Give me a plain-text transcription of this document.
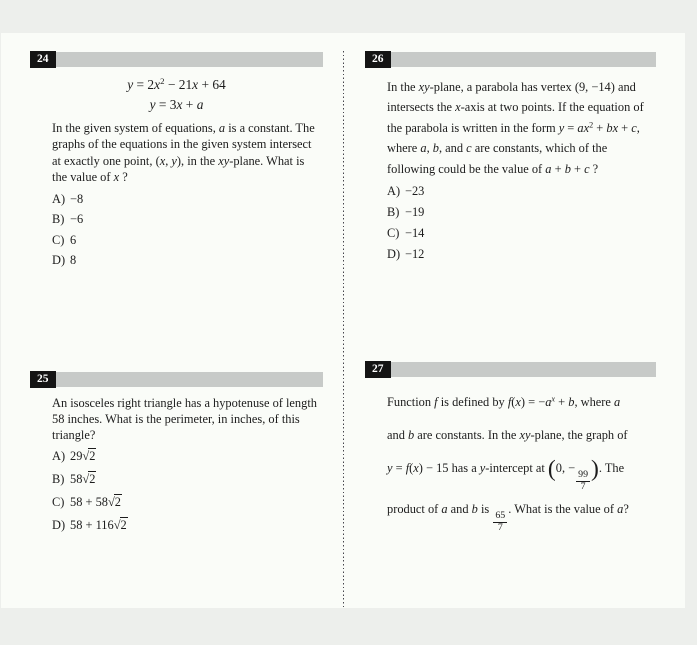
24
$y = 2x^2 - 21x + 64$
y = 3x + a
In the given system of equations, a is a constant. The
graphs of the equations in the given system intersect
at exactly one point, (x, y), in the xy-plane. What is
the value of x ?
A) −8
B) −6
C) 6
D) 8
25
An isosceles right triangle has a hypotenuse of length
58 inches. What is the perimeter, in inches, of this
triangle?
A) 29√2
B) 58√2
C) 58 + 58√2
D) 58 + 116√2
26
In the xy-plane, a parabola has vertex (9, −14) and
intersects the x-axis at two points. If the equation of
the parabola is written in the form $y = ax^2$ + bx + c,
where a, b, and c are constants, which of the
following could be the value of a + b + c ?
A) −23
B) −19
C) −14
D) −12
27
Function f is defined by $f(x) = -a^x + b$, where a
and b are constants. In the xy-plane, the graph of
y = f(x) − 15 has a y-intercept at (0, −
$\frac{99}{7}$ ). The
product of a and b is
$\frac{65}{7}$
. What is the value of a?
